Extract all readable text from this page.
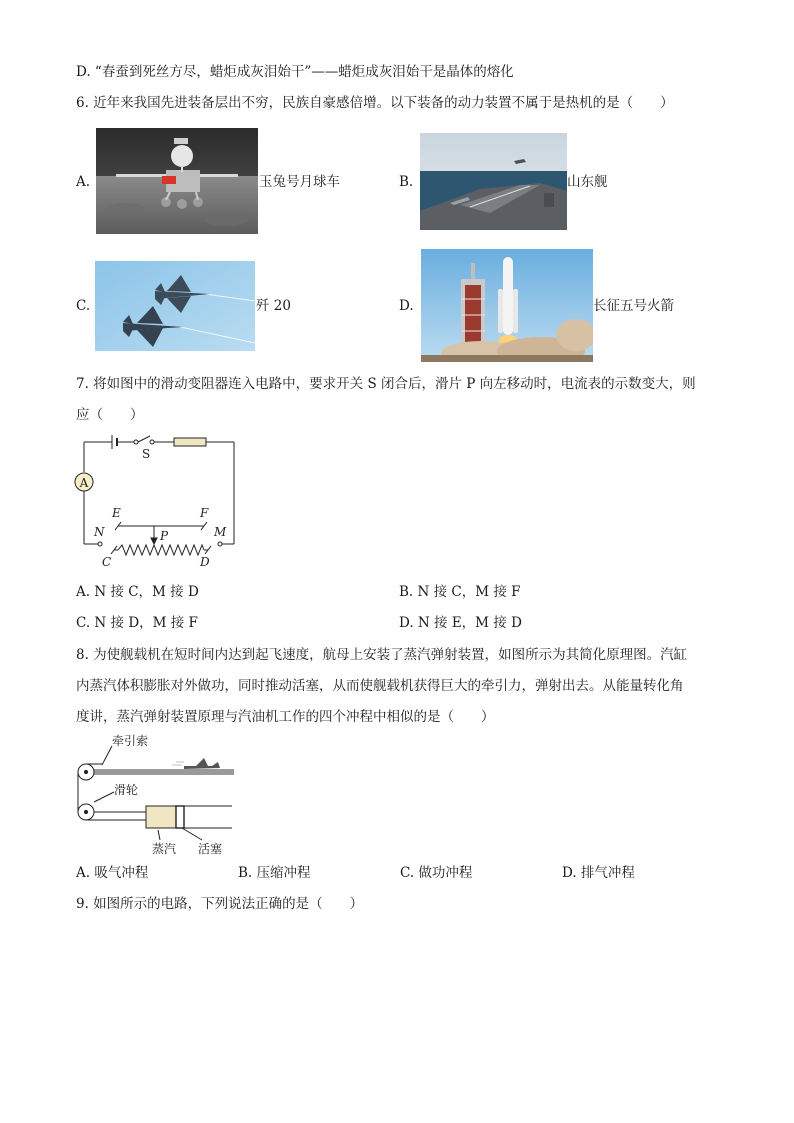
D. “春蚕到死丝方尽，蜡炬成灰泪始干”——蜡炬成灰泪始干是晶体的熔化
6. 近年来我国先进装备层出不穷，民族自豪感倍增。以下装备的动力装置不属于是热机的是（　　）
A.	玉兔号月球车	B.	山东舰
C.	歼 20	D.	长征五号火箭
7. 将如图中的滑动变阻器连入电路中，要求开关 S 闭合后，滑片 P 向左移动时，电流表的示数变大，则
应（　　）
A
S
E	F
N	M
P
C	D
A. N 接 C，M 接 D	B. N 接 C，M 接 F
C. N 接 D，M 接 F	D. N 接 E，M 接 D
8. 为使舰载机在短时间内达到起飞速度，航母上安装了蒸汽弹射装置，如图所示为其简化原理图。汽缸
内蒸汽体积膨胀对外做功，同时推动活塞，从而使舰载机获得巨大的牵引力，弹射出去。从能量转化角
度讲，蒸汽弹射装置原理与汽油机工作的四个冲程中相似的是（　　）
牵引索
滑轮
蒸汽 活塞
A. 吸气冲程	B. 压缩冲程	C. 做功冲程	D. 排气冲程
9. 如图所示的电路，下列说法正确的是（　　）
